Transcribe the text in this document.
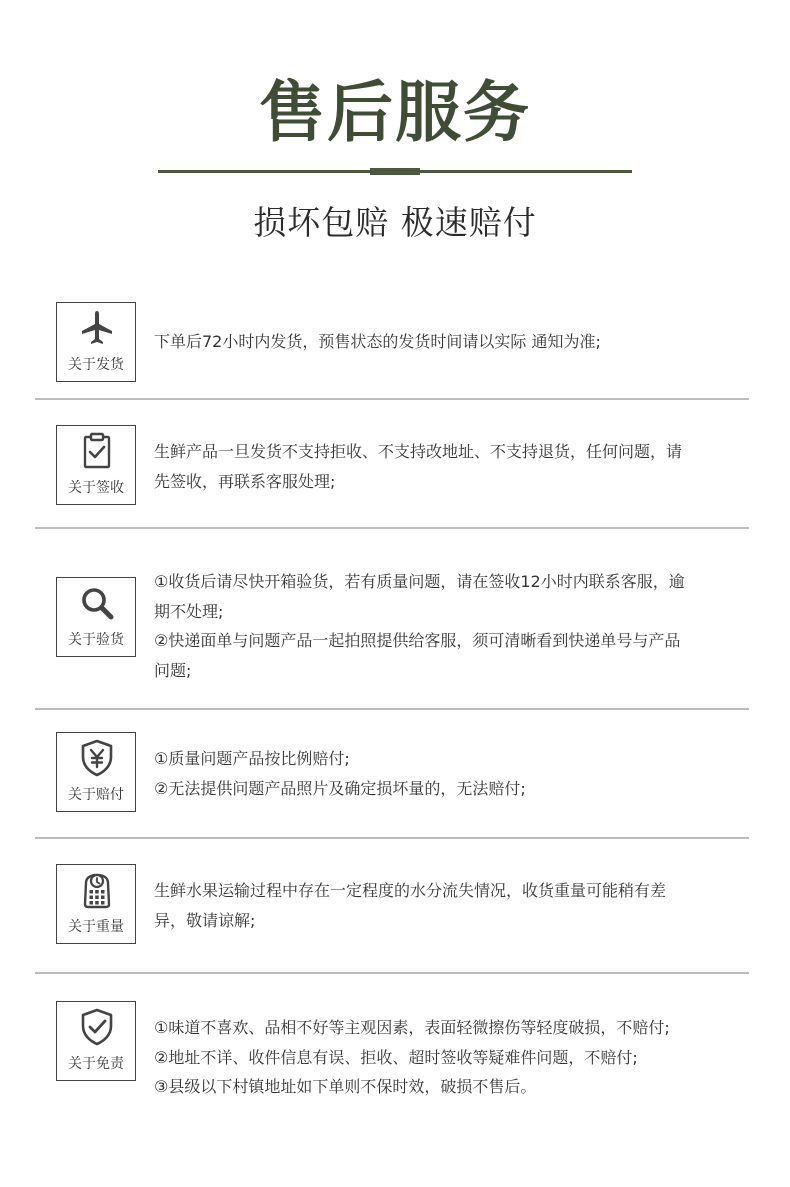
售后服务
损坏包赔 极速赔付
关于发货
下单后72小时内发货，预售状态的发货时间请以实际 通知为准;
关于签收
生鲜产品一旦发货不支持拒收、不支持改地址、不支持退货，任何问题，请
先签收，再联系客服处理;
关于验货
①收货后请尽快开箱验货，若有质量问题，请在签收12小时内联系客服，逾
期不处理;
②快递面单与问题产品一起拍照提供给客服，须可清晰看到快递单号与产品
问题;
关于赔付
①质量问题产品按比例赔付;
②无法提供问题产品照片及确定损坏量的，无法赔付;
关于重量
生鲜水果运输过程中存在一定程度的水分流失情况，收货重量可能稍有差
异，敬请谅解;
关于免责
①味道不喜欢、品相不好等主观因素，表面轻微擦伤等轻度破损，不赔付;
②地址不详、收件信息有误、拒收、超时签收等疑难件问题，不赔付;
③县级以下村镇地址如下单则不保时效，破损不售后。
